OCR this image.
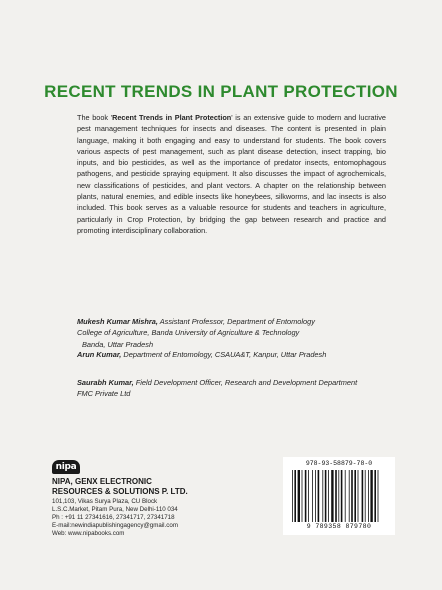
RECENT TRENDS IN PLANT PROTECTION
The book 'Recent Trends in Plant Protection' is an extensive guide to modern and lucrative pest management techniques for insects and diseases. The content is presented in plain language, making it both engaging and easy to understand for students. The book covers various aspects of pest management, such as plant disease detection, insect trapping, bio inputs, and bio pesticides, as well as the importance of predator insects, entomophagous pathogens, and pesticide spraying equipment. It also discusses the impact of agrochemicals, new classifications of pesticides, and plant vectors. A chapter on the relationship between plants, natural enemies, and edible insects like honeybees, silkworms, and lac insects is also included. This book serves as a valuable resource for students and teachers in agriculture, particularly in Crop Protection, by bridging the gap between research and practice and promoting interdisciplinary collaboration.
Mukesh Kumar Mishra, Assistant Professor, Department of Entomology
College of Agriculture, Banda University of Agriculture & Technology
Banda, Uttar Pradesh
Arun Kumar, Department of Entomology, CSAUA&T, Kanpur, Uttar Pradesh
Saurabh Kumar, Field Development Officer, Research and Development Department
FMC Private Ltd
nipa
NIPA, GENX ELECTRONIC
RESOURCES & SOLUTIONS P. LTD.
101,103, Vikas Surya Plaza, CU Block
L.S.C.Market, Pitam Pura, New Delhi-110 034
Ph : +91 11 27341616, 27341717, 27341718
E-mail:newindiapublishingagency@gmail.com
Web: www.nipabooks.com
978-93-58879-78-0
9 789358 879780
